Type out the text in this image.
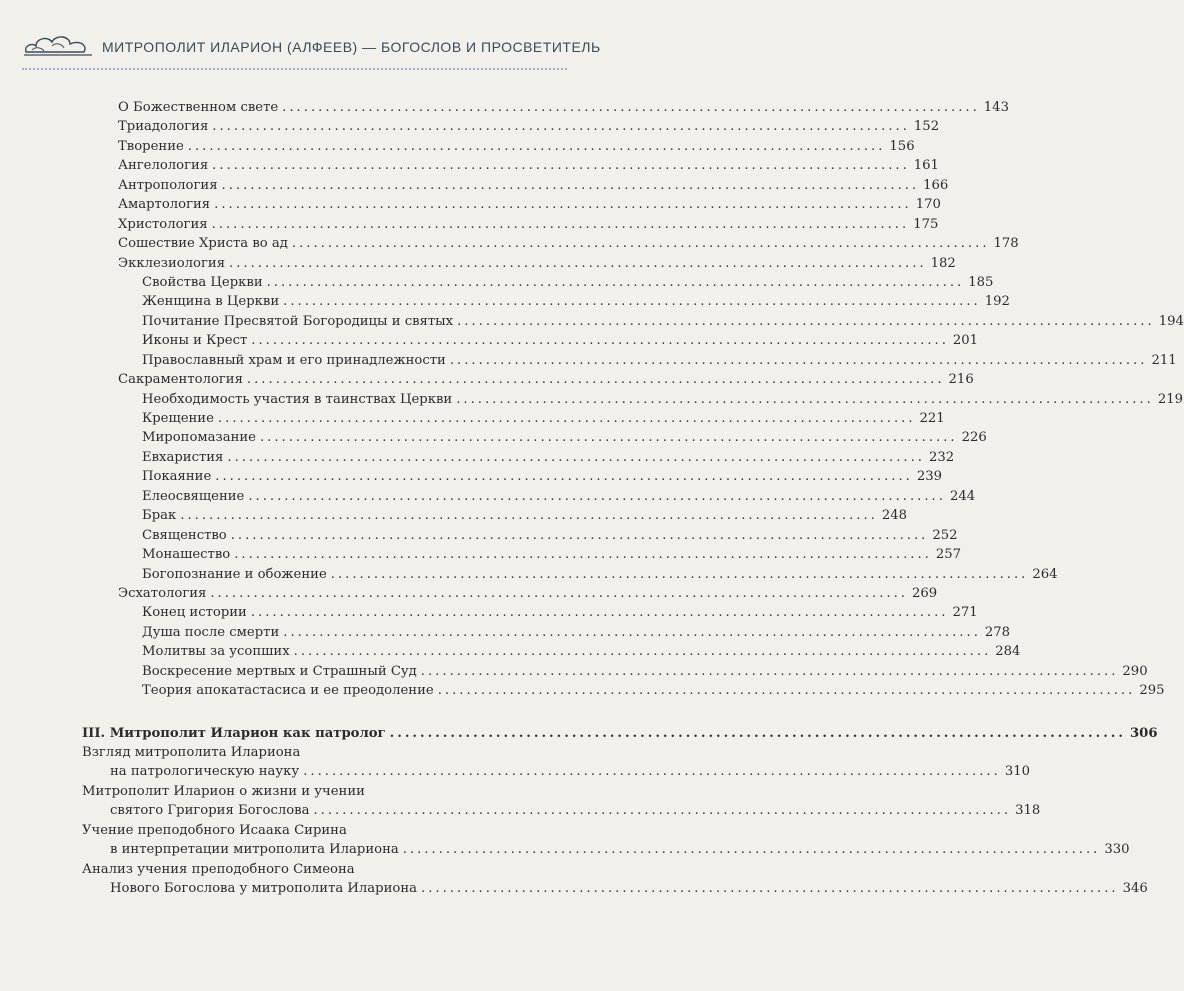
МИТРОПОЛИТ ИЛАРИОН (АЛФЕЕВ) — БОГОСЛОВ И ПРОСВЕТИТЕЛЬ
О Божественном свете ................................................................................................. 143
Триадология ................................................................................................. 152
Творение ................................................................................................. 156
Ангелология ................................................................................................. 161
Антропология ................................................................................................. 166
Амартология ................................................................................................. 170
Христология ................................................................................................. 175
Сошествие Христа во ад ................................................................................................. 178
Экклезиология ................................................................................................. 182
Свойства Церкви ................................................................................................. 185
Женщина в Церкви ................................................................................................. 192
Почитание Пресвятой Богородицы и святых ................................................................................................. 194
Иконы и Крест ................................................................................................. 201
Православный храм и его принадлежности ................................................................................................. 211
Сакраментология ................................................................................................. 216
Необходимость участия в таинствах Церкви ................................................................................................. 219
Крещение ................................................................................................. 221
Миропомазание ................................................................................................. 226
Евхаристия ................................................................................................. 232
Покаяние ................................................................................................. 239
Елеосвящение ................................................................................................. 244
Брак ................................................................................................. 248
Священство ................................................................................................. 252
Монашество ................................................................................................. 257
Богопознание и обожение ................................................................................................. 264
Эсхатология ................................................................................................. 269
Конец истории ................................................................................................. 271
Душа после смерти ................................................................................................. 278
Молитвы за усопших ................................................................................................. 284
Воскресение мертвых и Страшный Суд ................................................................................................. 290
Теория апокатастасиса и ее преодоление ................................................................................................. 295
III. Митрополит Иларион как патролог ................................................................................................. 306
Взгляд митрополита Илариона
на патрологическую науку ................................................................................................. 310
Митрополит Иларион о жизни и учении
святого Григория Богослова ................................................................................................. 318
Учение преподобного Исаака Сирина
в интерпретации митрополита Илариона ................................................................................................. 330
Анализ учения преподобного Симеона
Нового Богослова у митрополита Илариона ................................................................................................. 346
